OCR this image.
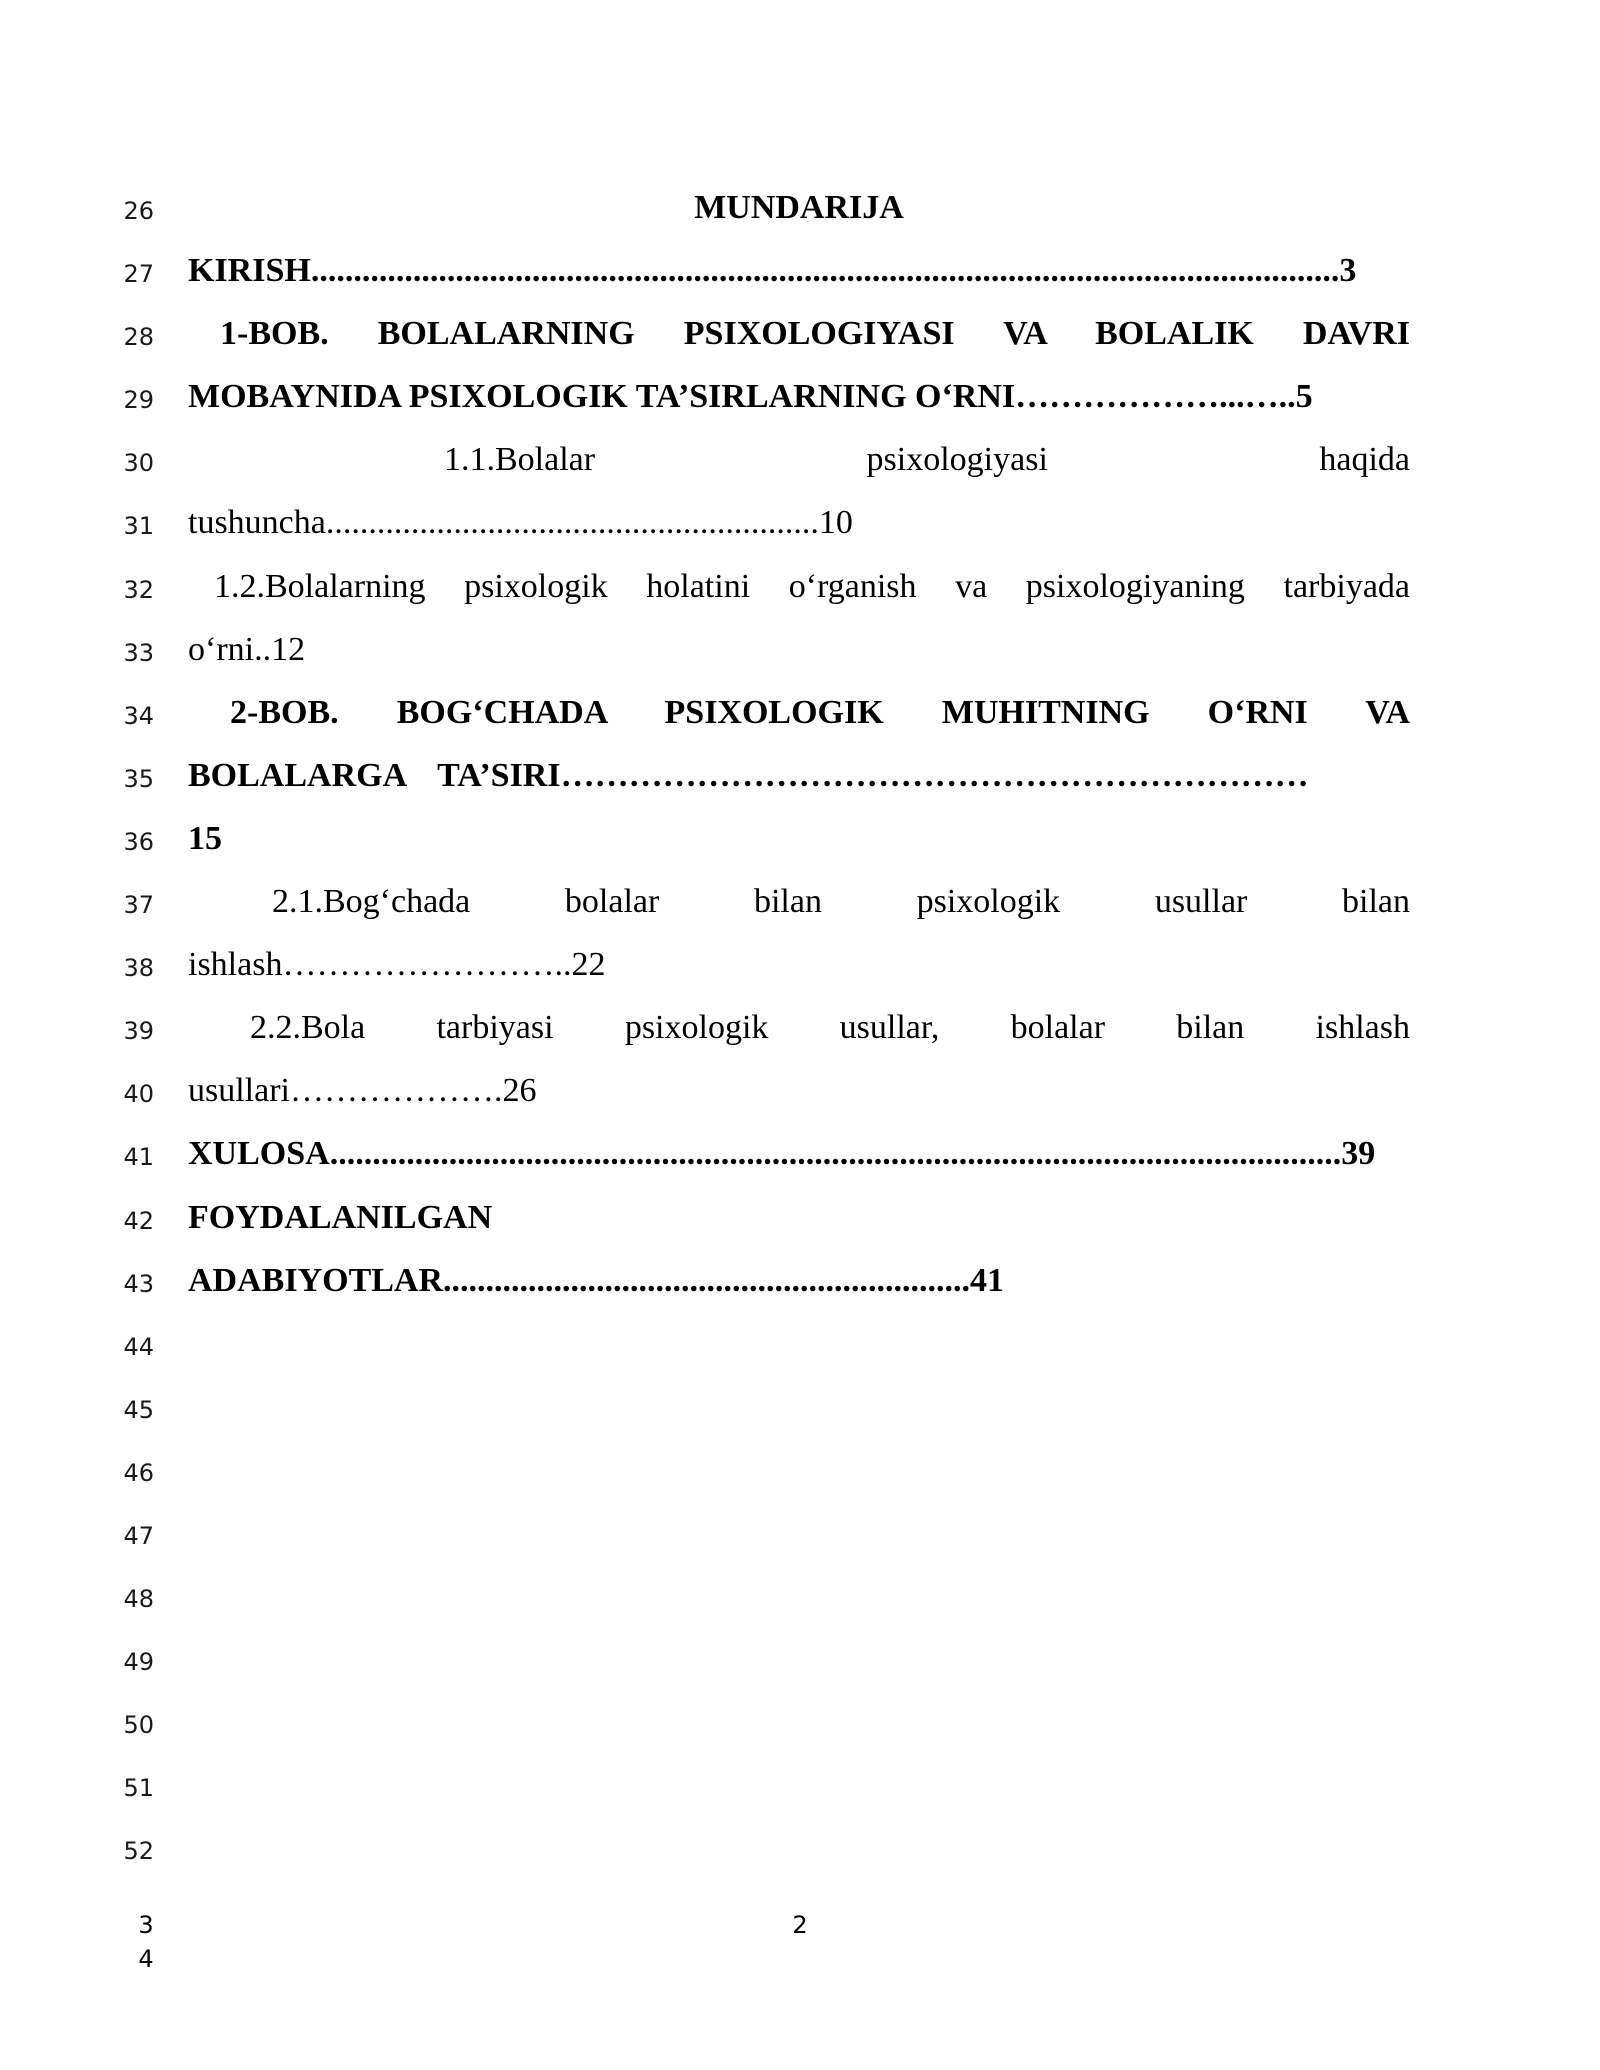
26	MUNDARIJA
27 KIRISH.........................................................................................................................3
28	1-BOB. BOLALARNING PSIXOLOGIYASI VA BOLALIK DAVRI
29 MOBAYNIDA PSIXOLOGIK TA’SIRLARNING O‘RNI………………...…..5
30	1.1.Bolalar psixologiyasi haqida
31 tushuncha..........................................................10
32	1.2.Bolalarning psixologik holatini o‘rganish va psixologiyaning tarbiyada
33 o‘rni..12
34	2-BOB. BOG‘CHADA PSIXOLOGIK MUHITNING O‘RNI VA
35 BOLALARGA TA’SIRI…………………………………………………………
36 15
37	2.1.Bog‘chada bolalar bilan psixologik usullar bilan
38 ishlash……………………..22
39	2.2.Bola tarbiyasi psixologik usullar, bolalar bilan ishlash
40 usullari……………….26
41 XULOSA.......................................................................................................................39
42 FOYDALANILGAN
43 ADABIYOTLAR..............................................................41
44
45
46
47
48
49
50
51
52
3
4
2
